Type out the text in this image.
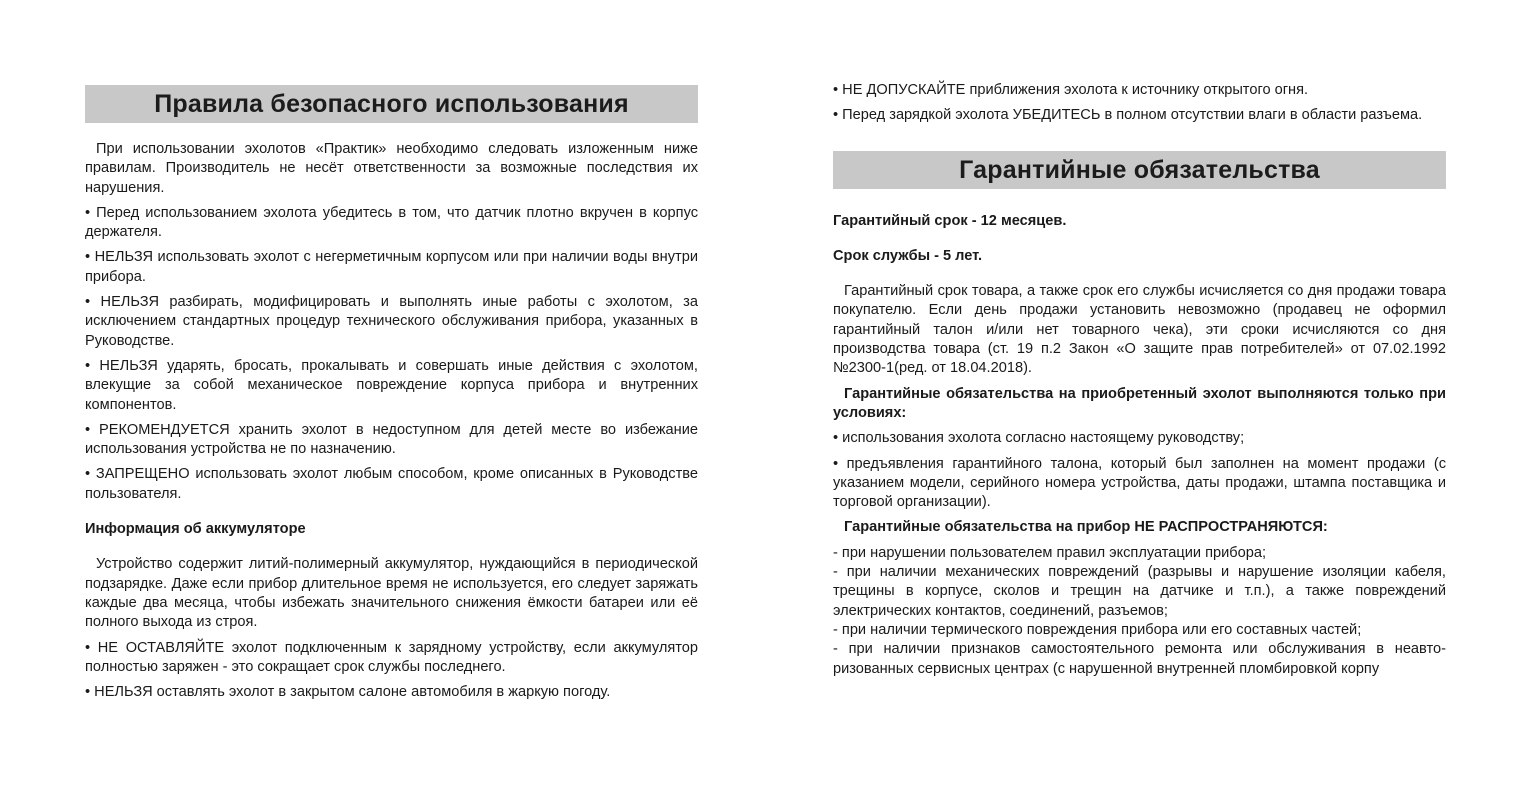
Правила безопасного использования

При использовании эхолотов «Практик» необходимо следовать изложенным ниже правилам. Производитель не несёт ответственности за возможные последствия их нарушения.

• Перед использованием эхолота убедитесь в том, что датчик плотно вкручен в корпус держателя.

• НЕЛЬЗЯ использовать эхолот с негерметичным корпусом или при наличии воды внутри прибора.

• НЕЛЬЗЯ разбирать, модифицировать и выполнять иные работы с эхолотом, за исключением стандартных процедур технического обслуживания прибора, указанных в Руководстве.

• НЕЛЬЗЯ ударять, бросать, прокалывать и совершать иные действия с эхолотом, влекущие за собой механическое повреждение корпуса прибора и внутренних компонентов.

• РЕКОМЕНДУЕТСЯ хранить эхолот в недоступном для детей месте во избежание использования устройства не по назначению.

• ЗАПРЕЩЕНО использовать эхолот любым способом, кроме описанных в Руководстве пользователя.

Информация об аккумуляторе

Устройство содержит литий-полимерный аккумулятор, нуждающийся в периодической подзарядке. Даже если прибор длительное время не используется, его следует заряжать каждые два месяца, чтобы избежать значительного снижения ёмкости батареи или её полного выхода из строя.

• НЕ ОСТАВЛЯЙТЕ эхолот подключенным к зарядному устройству, если аккумулятор полностью заряжен - это сокращает срок службы последнего.

• НЕЛЬЗЯ оставлять эхолот в закрытом салоне автомобиля в жаркую погоду.

• НЕ ДОПУСКАЙТЕ приближения эхолота к источнику открытого огня.

• Перед зарядкой эхолота УБЕДИТЕСЬ в полном отсутствии влаги в области разъема.

Гарантийные обязательства

Гарантийный срок - 12 месяцев.

Срок службы - 5 лет.

Гарантийный срок товара, а также срок его службы исчисляется со дня продажи товара покупателю. Если день продажи установить невозможно (продавец не оформил гарантийный талон и/или нет товарного чека), эти сроки исчисляются со дня производства товара (ст. 19 п.2 Закон «О защите прав потребителей» от 07.02.1992 №2300-1(ред. от 18.04.2018).

Гарантийные обязательства на приобретенный эхолот выполняются только при условиях:

• использования эхолота согласно настоящему руководству;

• предъявления гарантийного талона, который был заполнен на момент продажи (с указанием модели, серийного номера устройства, даты продажи, штампа поставщика и торговой организации).

Гарантийные обязательства на прибор НЕ РАСПРОСТРАНЯЮТСЯ:

- при нарушении пользователем правил эксплуатации прибора;

- при наличии механических повреждений (разрывы и нарушение изоляции кабеля, трещины в корпусе, сколов и трещин на датчике и т.п.), а также повреждений электрических контактов, соединений, разъемов;

- при наличии термического повреждения прибора или его составных частей;

- при наличии признаков самостоятельного ремонта или обслуживания в неавторизованных сервисных центрах (с нарушенной внутренней пломбировкой корпу
